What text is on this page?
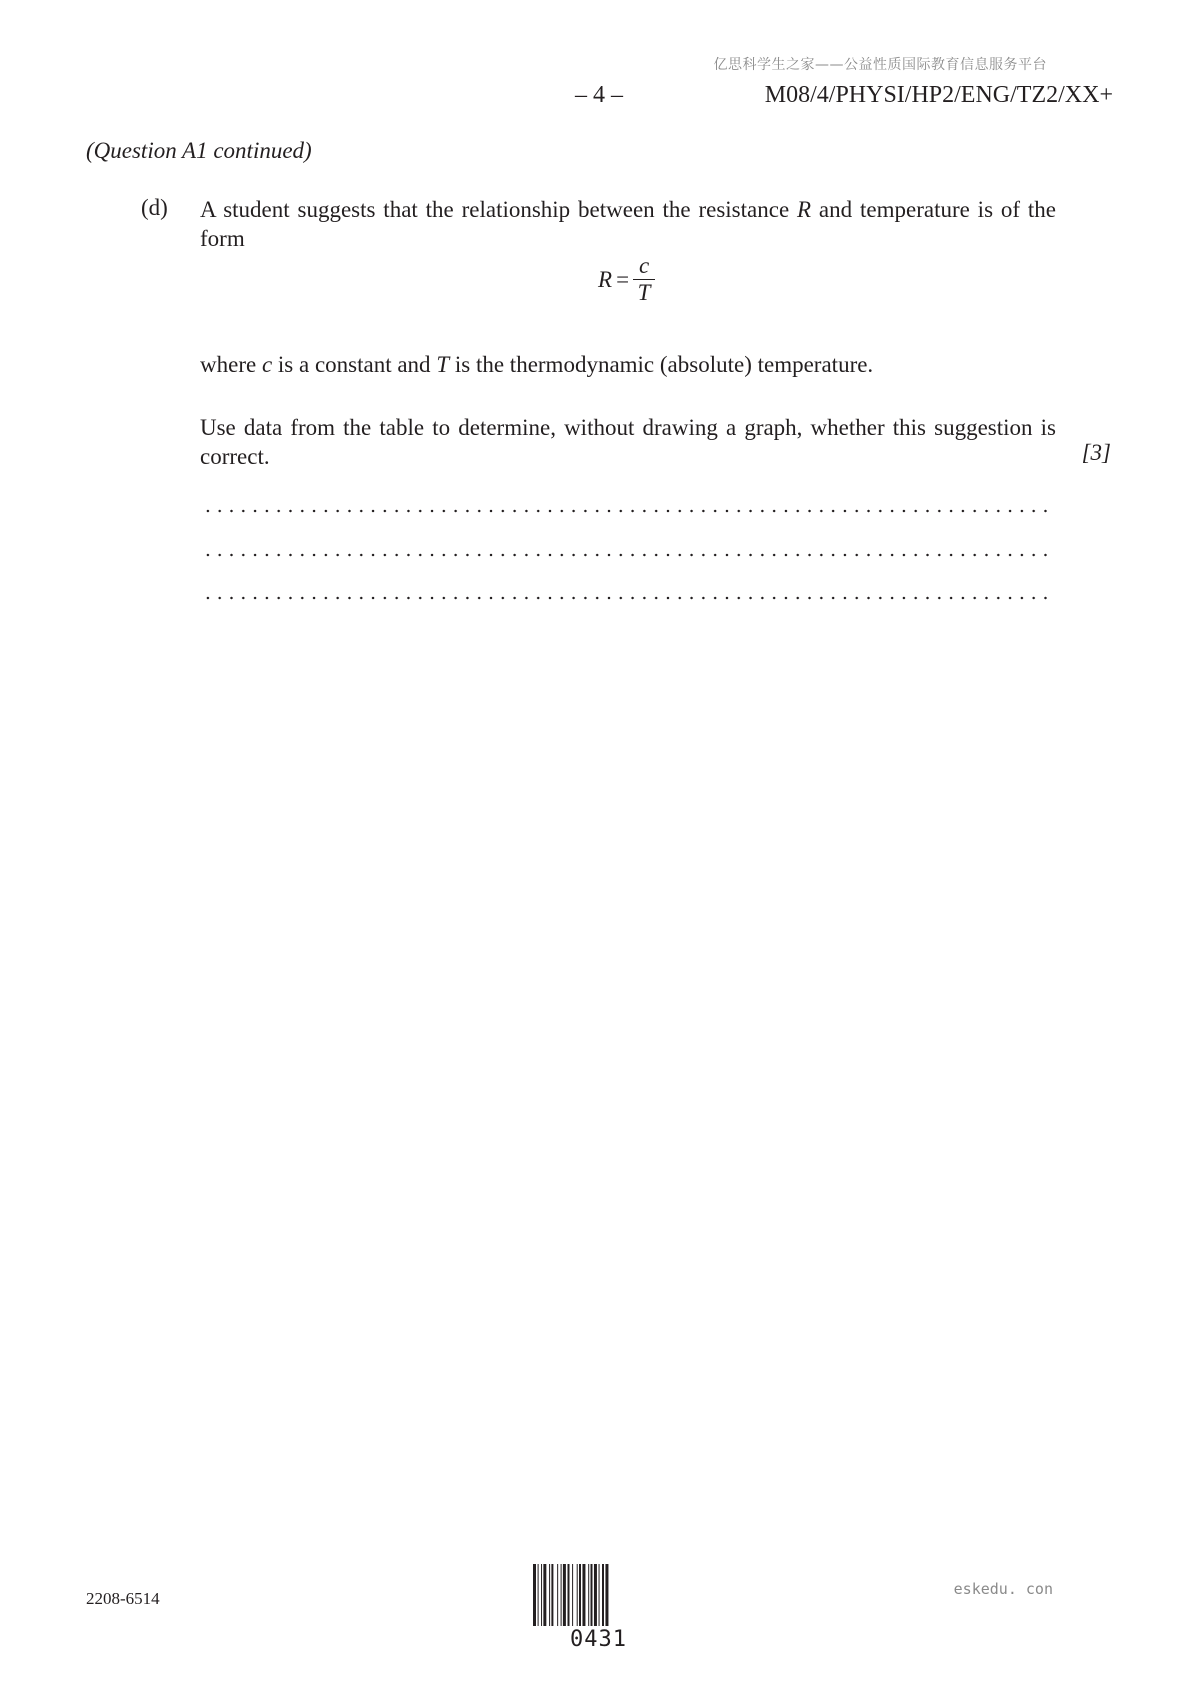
亿思科学生之家——公益性质国际教育信息服务平台
– 4 –	M08/4/PHYSI/HP2/ENG/TZ2/XX+
(Question A1 continued)
(d) A student suggests that the relationship between the resistance R and temperature is of the form
$R = \frac{c}{T}$
where c is a constant and T is the thermodynamic (absolute) temperature.
Use data from the table to determine, without drawing a graph, whether this suggestion is correct.	[3]
2208-6514
0431
eskedu. con
